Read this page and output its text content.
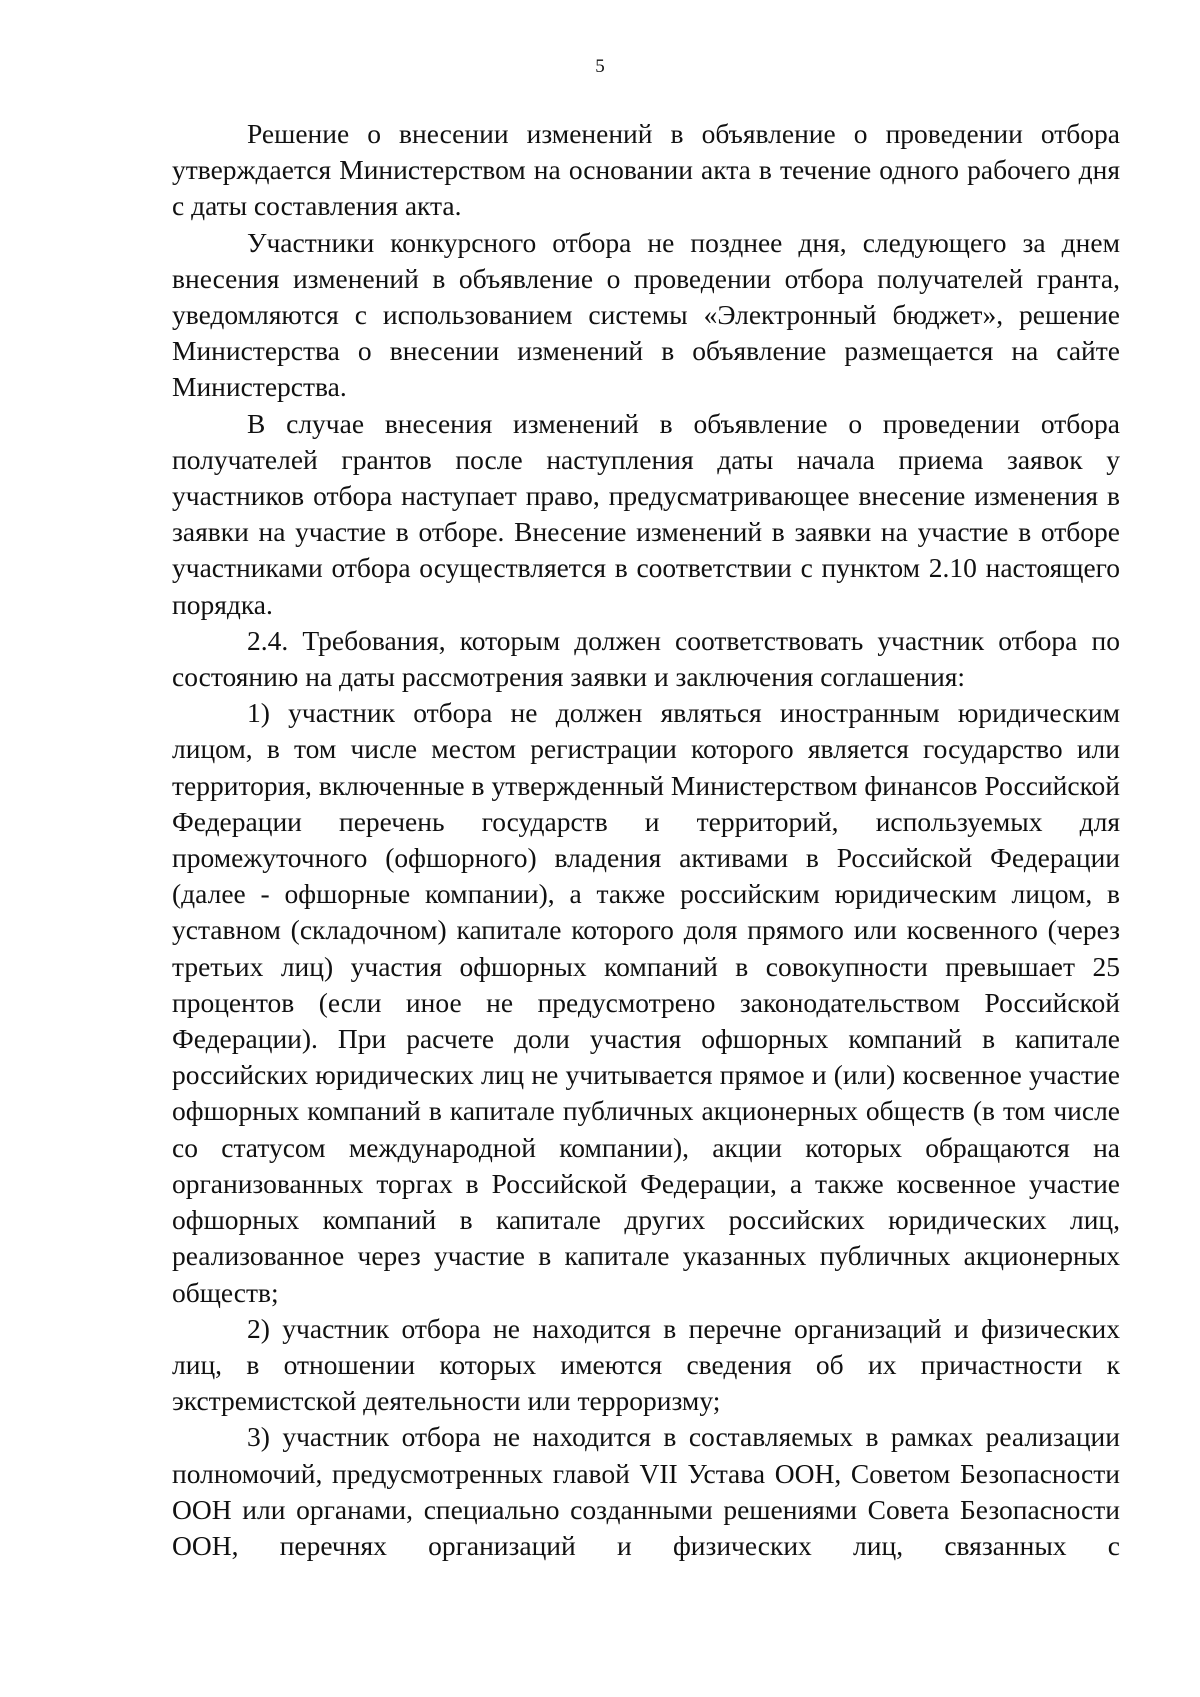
5

Решение о внесении изменений в объявление о проведении отбора утверждается Министерством на основании акта в течение одного рабочего дня с даты составления акта.

Участники конкурсного отбора не позднее дня, следующего за днем внесения изменений в объявление о проведении отбора получателей гранта, уведомляются с использованием системы «Электронный бюджет», решение Министерства о внесении изменений в объявление размещается на сайте Министерства.

В случае внесения изменений в объявление о проведении отбора получателей грантов после наступления даты начала приема заявок у участников отбора наступает право, предусматривающее внесение изменения в заявки на участие в отборе. Внесение изменений в заявки на участие в отборе участниками отбора осуществляется в соответствии с пунктом 2.10 настоящего порядка.

2.4. Требования, которым должен соответствовать участник отбора по состоянию на даты рассмотрения заявки и заключения соглашения:

1) участник отбора не должен являться иностранным юридическим лицом, в том числе местом регистрации которого является государство или территория, включенные в утвержденный Министерством финансов Российской Федерации перечень государств и территорий, используемых для промежуточного (офшорного) владения активами в Российской Федерации (далее - офшорные компании), а также российским юридическим лицом, в уставном (складочном) капитале которого доля прямого или косвенного (через третьих лиц) участия офшорных компаний в совокупности превышает 25 процентов (если иное не предусмотрено законодательством Российской Федерации). При расчете доли участия офшорных компаний в капитале российских юридических лиц не учитывается прямое и (или) косвенное участие офшорных компаний в капитале публичных акционерных обществ (в том числе со статусом международной компании), акции которых обращаются на организованных торгах в Российской Федерации, а также косвенное участие офшорных компаний в капитале других российских юридических лиц, реализованное через участие в капитале указанных публичных акционерных обществ;

2) участник отбора не находится в перечне организаций и физических лиц, в отношении которых имеются сведения об их причастности к экстремистской деятельности или терроризму;

3) участник отбора не находится в составляемых в рамках реализации полномочий, предусмотренных главой VII Устава ООН, Советом Безопасности ООН или органами, специально созданными решениями Совета Безопасности ООН, перечнях организаций и физических лиц, связанных с
